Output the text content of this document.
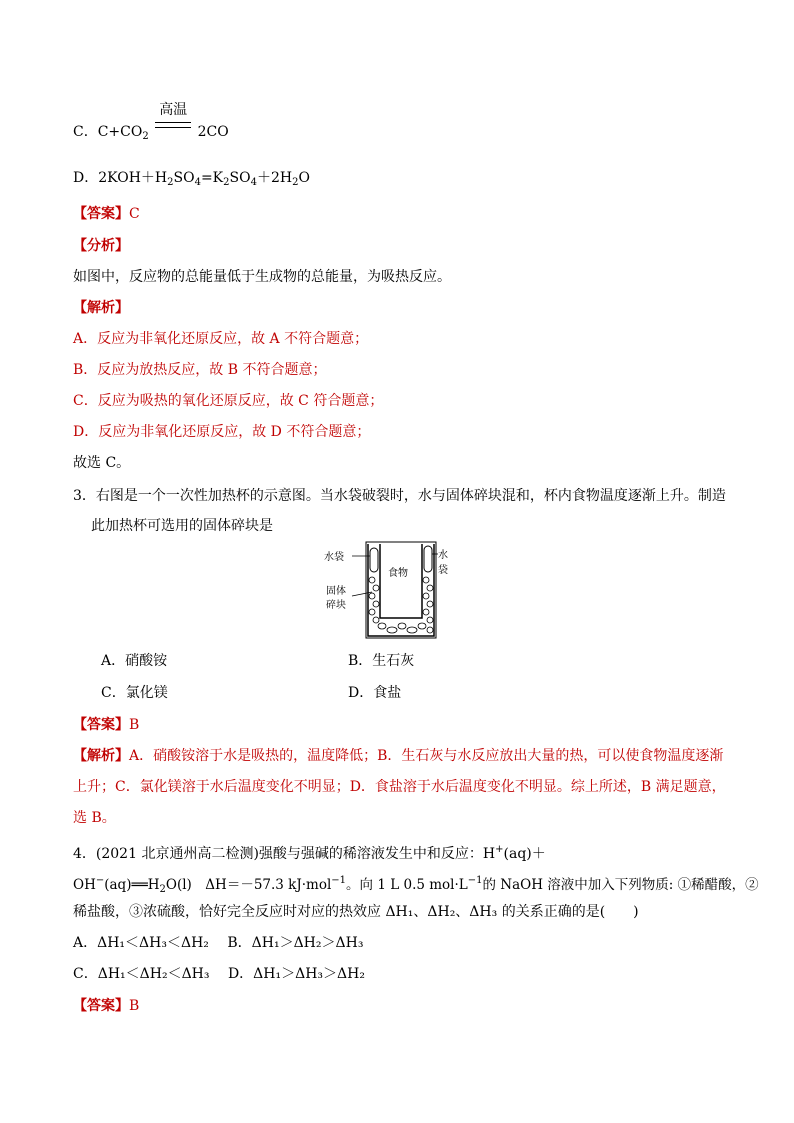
C．$C+CO_2$
高温
2CO
D．$2KOH+H_2SO_4=K_2SO_4+2H_2O$
【答案】C
【分析】
如图中，反应物的总能量低于生成物的总能量，为吸热反应。
【解析】
A．反应为非氧化还原反应，故 A 不符合题意；
B．反应为放热反应，故 B 不符合题意；
C．反应为吸热的氧化还原反应，故 C 符合题意；
D．反应为非氧化还原反应，故 D 不符合题意；
故选 C。
3．右图是一个一次性加热杯的示意图。当水袋破裂时，水与固体碎块混和，杯内食物温度逐渐上升。制造
此加热杯可选用的固体碎块是
水袋
食物
水袋
固体
碎块
A．硝酸铵	B．生石灰
C．氯化镁	D．食盐
【答案】B
【解析】A．硝酸铵溶于水是吸热的，温度降低；B．生石灰与水反应放出大量的热，可以使食物温度逐渐
上升；C．氯化镁溶于水后温度变化不明显；D．食盐溶于水后温度变化不明显。综上所述，B 满足题意，
选 B。
4．(2021 北京通州高二检测)强酸与强碱的稀溶液发生中和反应：H+(aq)＋
$OH^-(aq)══H_2O(l)$　ΔH＝－57.3 kJ·mol$^{-1}$。向 1 L 0.5 $mol\cdot L^{-1}$的 NaOH 溶液中加入下列物质: ①稀醋酸，②
稀盐酸，③浓硫酸，恰好完全反应时对应的热效应 ΔH₁、ΔH₂、ΔH₃ 的关系正确的是(　　)
A．ΔH₁＜ΔH₃＜ΔH₂　 B．ΔH₁＞ΔH₂＞ΔH₃
C．ΔH₁＜ΔH₂＜ΔH₃　 D．ΔH₁＞ΔH₃＞ΔH₂
【答案】B
